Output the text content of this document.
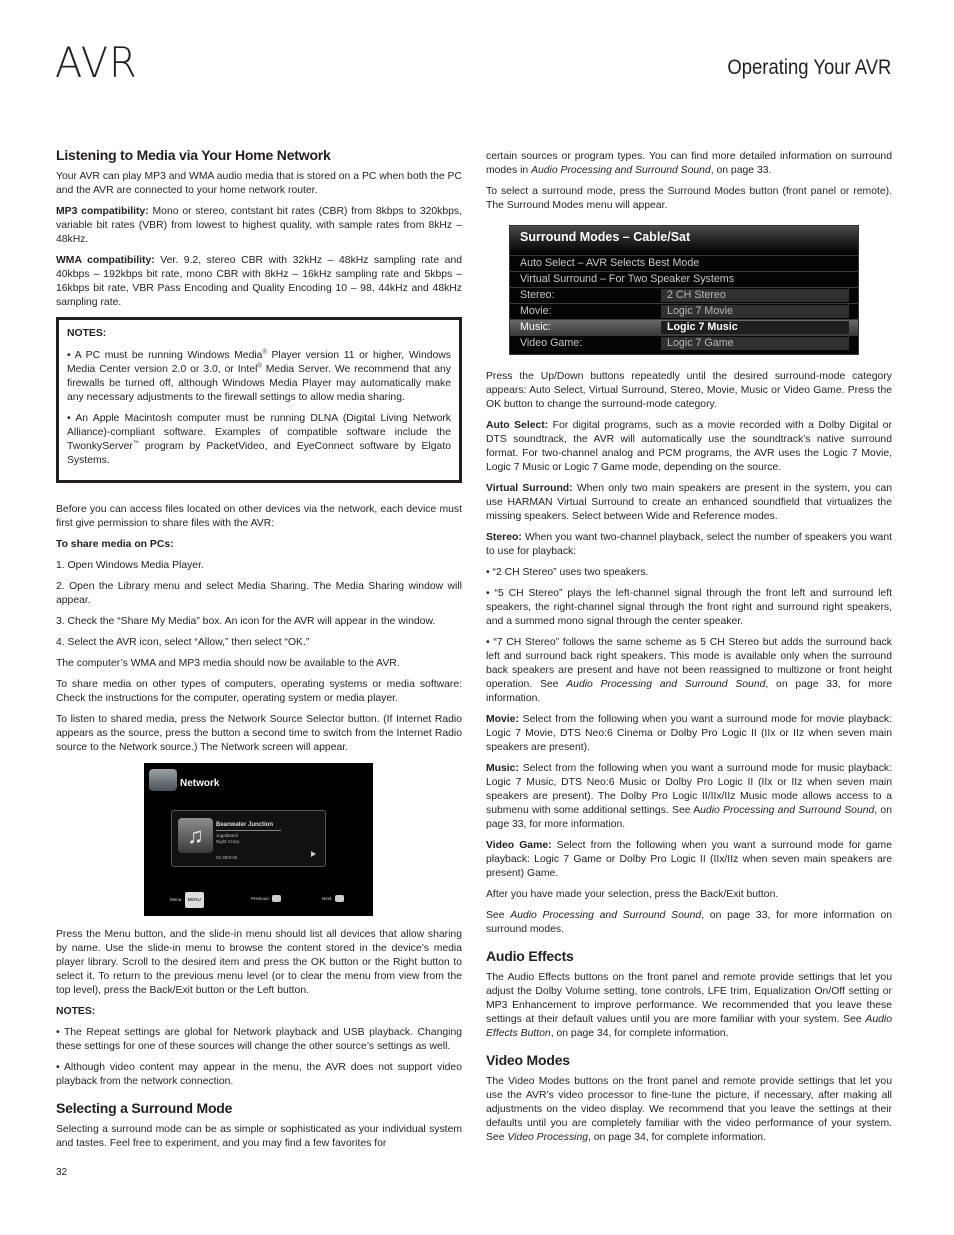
AVR	Operating Your AVR
Listening to Media via Your Home Network

Your AVR can play MP3 and WMA audio media that is stored on a PC when both the PC and the AVR are connected to your home network router.

MP3 compatibility: Mono or stereo, contstant bit rates (CBR) from 8kbps to 320kbps, variable bit rates (VBR) from lowest to highest quality, with sample rates from 8kHz – 48kHz.

WMA compatibility: Ver. 9.2, stereo CBR with 32kHz – 48kHz sampling rate and 40kbps – 192kbps bit rate, mono CBR with 8kHz – 16kHz sampling rate and 5kbps – 16kbps bit rate, VBR Pass Encoding and Quality Encoding 10 – 98, 44kHz and 48kHz sampling rate.

NOTES:

• A PC must be running Windows Media® Player version 11 or higher, Windows Media Center version 2.0 or 3.0, or Intel® Media Server. We recommend that any firewalls be turned off, although Windows Media Player may automatically make any necessary adjustments to the firewall settings to allow media sharing.

• An Apple Macintosh computer must be running DLNA (Digital Living Network Alliance)-compliant software. Examples of compatible software include the TwonkyServer™ program by PacketVideo, and EyeConnect software by Elgato Systems.

Before you can access files located on other devices via the network, each device must first give permission to share files with the AVR:

To share media on PCs:

1. Open Windows Media Player.

2. Open the Library menu and select Media Sharing. The Media Sharing window will appear.

3. Check the “Share My Media” box. An icon for the AVR will appear in the window.

4. Select the AVR icon, select “Allow,” then select “OK.”

The computer’s WMA and MP3 media should now be available to the AVR.

To share media on other types of computers, operating systems or media software: Check the instructions for the computer, operating system or media player.

To listen to shared media, press the Network Source Selector button. (If Internet Radio appears as the source, press the button a second time to switch from the Internet Radio source to the Network source.) The Network screen will appear.

Network
♫	Beanwater Junction
Jugalbandi
Night Crazy
01:30/3:45
Menu: MENU	Previous:	Next:

Press the Menu button, and the slide-in menu should list all devices that allow sharing by name. Use the slide-in menu to browse the content stored in the device’s media player library. Scroll to the desired item and press the OK button or the Right button to select it. To return to the previous menu level (or to clear the menu from view from the top level), press the Back/Exit button or the Left button.

NOTES:

• The Repeat settings are global for Network playback and USB playback. Changing these settings for one of these sources will change the other source’s settings as well.

• Although video content may appear in the menu, the AVR does not support video playback from the network connection.

Selecting a Surround Mode

Selecting a surround mode can be as simple or sophisticated as your individual system and tastes. Feel free to experiment, and you may find a few favorites for

certain sources or program types. You can find more detailed information on surround modes in Audio Processing and Surround Sound, on page 33.

To select a surround mode, press the Surround Modes button (front panel or remote). The Surround Modes menu will appear.

Surround Modes – Cable/Sat
Auto Select – AVR Selects Best Mode
Virtual Surround – For Two Speaker Systems
Stereo:	2 CH Stereo
Movie:	Logic 7 Movie
Music:	Logic 7 Music
Video Game:	Logic 7 Game

Press the Up/Down buttons repeatedly until the desired surround-mode category appears: Auto Select, Virtual Surround, Stereo, Movie, Music or Video Game. Press the OK button to change the surround-mode category.

Auto Select: For digital programs, such as a movie recorded with a Dolby Digital or DTS soundtrack, the AVR will automatically use the soundtrack’s native surround format. For two-channel analog and PCM programs, the AVR uses the Logic 7 Movie, Logic 7 Music or Logic 7 Game mode, depending on the source.

Virtual Surround: When only two main speakers are present in the system, you can use HARMAN Virtual Surround to create an enhanced soundfield that virtualizes the missing speakers. Select between Wide and Reference modes.

Stereo: When you want two-channel playback, select the number of speakers you want to use for playback:

• “2 CH Stereo” uses two speakers.

• “5 CH Stereo” plays the left-channel signal through the front left and surround left speakers, the right-channel signal through the front right and surround right speakers, and a summed mono signal through the center speaker.

• “7 CH Stereo” follows the same scheme as 5 CH Stereo but adds the surround back left and surround back right speakers. This mode is available only when the surround back speakers are present and have not been reassigned to multizone or front height operation. See Audio Processing and Surround Sound, on page 33, for more information.

Movie: Select from the following when you want a surround mode for movie playback: Logic 7 Movie, DTS Neo:6 Cinema or Dolby Pro Logic II (IIx or IIz when seven main speakers are present).

Music: Select from the following when you want a surround mode for music playback: Logic 7 Music, DTS Neo:6 Music or Dolby Pro Logic II (IIx or IIz when seven main speakers are present). The Dolby Pro Logic II/IIx/IIz Music mode allows access to a submenu with some additional settings. See Audio Processing and Surround Sound, on page 33, for more information.

Video Game: Select from the following when you want a surround mode for game playback: Logic 7 Game or Dolby Pro Logic II (IIx/IIz when seven main speakers are present) Game.

After you have made your selection, press the Back/Exit button.

See Audio Processing and Surround Sound, on page 33, for more information on surround modes.

Audio Effects

The Audio Effects buttons on the front panel and remote provide settings that let you adjust the Dolby Volume setting, tone controls, LFE trim, Equalization On/Off setting or MP3 Enhancement to improve performance. We recommended that you leave these settings at their default values until you are more familiar with your system. See Audio Effects Button, on page 34, for complete information.

Video Modes

The Video Modes buttons on the front panel and remote provide settings that let you use the AVR’s video processor to fine-tune the picture, if necessary, after making all adjustments on the video display. We recommend that you leave the settings at their defaults until you are completely familiar with the video performance of your system. See Video Processing, on page 34, for complete information.

32
